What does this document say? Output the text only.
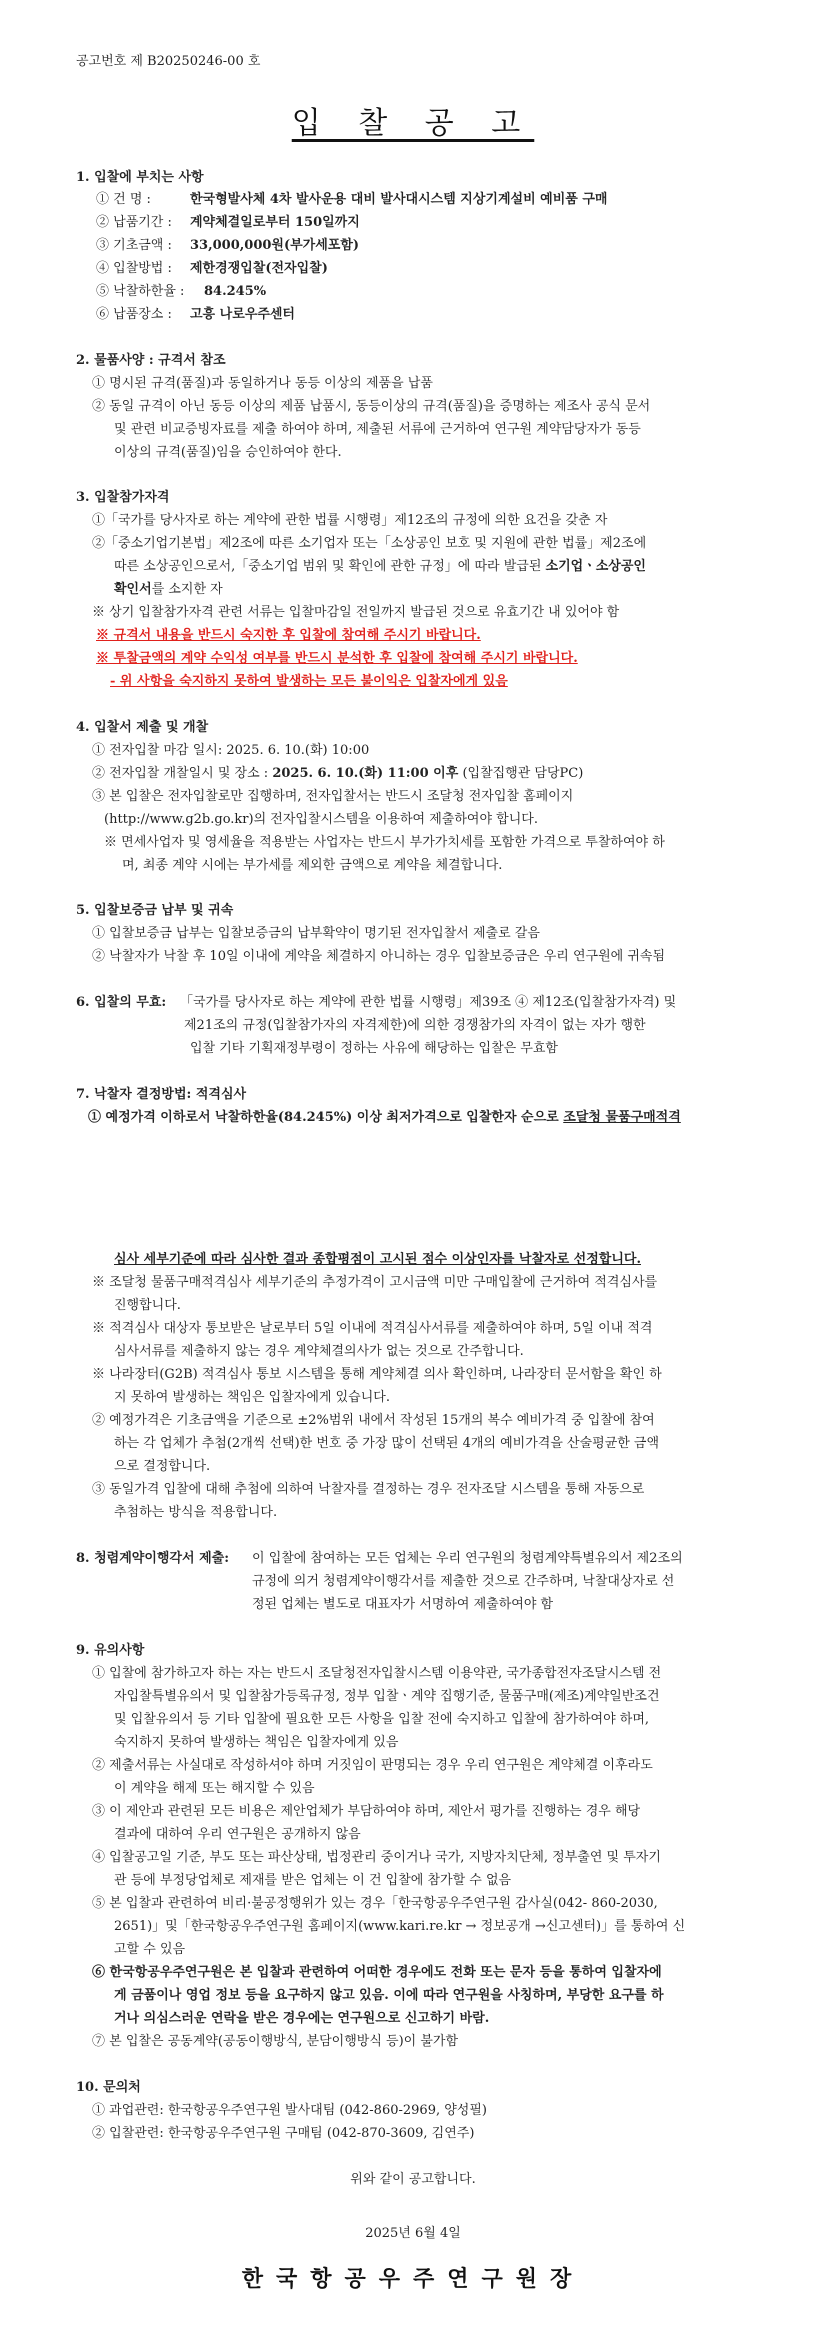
공고번호 제 B20250246-00 호
입 찰 공 고
1. 입찰에 부치는 사항
① 건 명 :	한국형발사체 4차 발사운용 대비 발사대시스템 지상기계설비 예비품 구매
② 납품기간 : 계약체결일로부터 150일까지
③ 기초금액 : 33,000,000원(부가세포함)
④ 입찰방법 : 제한경쟁입찰(전자입찰)
⑤ 낙찰하한율 : 84.245%
⑥ 납품장소 : 고흥 나로우주센터
2. 물품사양 : 규격서 참조
① 명시된 규격(품질)과 동일하거나 동등 이상의 제품을 납품
② 동일 규격이 아닌 동등 이상의 제품 납품시, 동등이상의 규격(품질)을 증명하는 제조사 공식 문서
및 관련 비교증빙자료를 제출 하여야 하며, 제출된 서류에 근거하여 연구원 계약담당자가 동등
이상의 규격(품질)임을 승인하여야 한다.
3. 입찰참가자격
①「국가를 당사자로 하는 계약에 관한 법률 시행령」제12조의 규정에 의한 요건을 갖춘 자
②「중소기업기본법」제2조에 따른 소기업자 또는「소상공인 보호 및 지원에 관한 법률」제2조에
따른 소상공인으로서,「중소기업 범위 및 확인에 관한 규정」에 따라 발급된 소기업ㆍ소상공인
확인서를 소지한 자
※ 상기 입찰참가자격 관련 서류는 입찰마감일 전일까지 발급된 것으로 유효기간 내 있어야 함
※ 규격서 내용을 반드시 숙지한 후 입찰에 참여해 주시기 바랍니다.
※ 투찰금액의 계약 수익성 여부를 반드시 분석한 후 입찰에 참여해 주시기 바랍니다.
- 위 사항을 숙지하지 못하여 발생하는 모든 불이익은 입찰자에게 있음
4. 입찰서 제출 및 개찰
① 전자입찰 마감 일시: 2025. 6. 10.(화) 10:00
② 전자입찰 개찰일시 및 장소 : 2025. 6. 10.(화) 11:00 이후 (입찰집행관 담당PC)
③ 본 입찰은 전자입찰로만 집행하며, 전자입찰서는 반드시 조달청 전자입찰 홈페이지
(http://www.g2b.go.kr)의 전자입찰시스템을 이용하여 제출하여야 합니다.
※ 면세사업자 및 영세율을 적용받는 사업자는 반드시 부가가치세를 포함한 가격으로 투찰하여야 하
며, 최종 계약 시에는 부가세를 제외한 금액으로 계약을 체결합니다.
5. 입찰보증금 납부 및 귀속
① 입찰보증금 납부는 입찰보증금의 납부확약이 명기된 전자입찰서 제출로 갈음
② 낙찰자가 낙찰 후 10일 이내에 계약을 체결하지 아니하는 경우 입찰보증금은 우리 연구원에 귀속됨
6. 입찰의 무효: 「국가를 당사자로 하는 계약에 관한 법률 시행령」제39조 ④ 제12조(입찰참가자격) 및
제21조의 규정(입찰참가자의 자격제한)에 의한 경쟁참가의 자격이 없는 자가 행한
입찰 기타 기획재정부령이 정하는 사유에 해당하는 입찰은 무효함
7. 낙찰자 결정방법: 적격심사
① 예정가격 이하로서 낙찰하한율(84.245%) 이상 최저가격으로 입찰한자 순으로 조달청 물품구매적격
심사 세부기준에 따라 심사한 결과 종합평점이 고시된 점수 이상인자를 낙찰자로 선정합니다.
※ 조달청 물품구매적격심사 세부기준의 추정가격이 고시금액 미만 구매입찰에 근거하여 적격심사를
진행합니다.
※ 적격심사 대상자 통보받은 날로부터 5일 이내에 적격심사서류를 제출하여야 하며, 5일 이내 적격
심사서류를 제출하지 않는 경우 계약체결의사가 없는 것으로 간주합니다.
※ 나라장터(G2B) 적격심사 통보 시스템을 통해 계약체결 의사 확인하며, 나라장터 문서함을 확인 하
지 못하여 발생하는 책임은 입찰자에게 있습니다.
② 예정가격은 기초금액을 기준으로 ±2%범위 내에서 작성된 15개의 복수 예비가격 중 입찰에 참여
하는 각 업체가 추첨(2개씩 선택)한 번호 중 가장 많이 선택된 4개의 예비가격을 산술평균한 금액
으로 결정합니다.
③ 동일가격 입찰에 대해 추첨에 의하여 낙찰자를 결정하는 경우 전자조달 시스템을 통해 자동으로
추첨하는 방식을 적용합니다.
8. 청렴계약이행각서 제출: 이 입찰에 참여하는 모든 업체는 우리 연구원의 청렴계약특별유의서 제2조의
규정에 의거 청렴계약이행각서를 제출한 것으로 간주하며, 낙찰대상자로 선
정된 업체는 별도로 대표자가 서명하여 제출하여야 함
9. 유의사항
① 입찰에 참가하고자 하는 자는 반드시 조달청전자입찰시스템 이용약관, 국가종합전자조달시스템 전
자입찰특별유의서 및 입찰참가등록규정, 정부 입찰ㆍ계약 집행기준, 물품구매(제조)계약일반조건
및 입찰유의서 등 기타 입찰에 필요한 모든 사항을 입찰 전에 숙지하고 입찰에 참가하여야 하며,
숙지하지 못하여 발생하는 책임은 입찰자에게 있음
② 제출서류는 사실대로 작성하셔야 하며 거짓임이 판명되는 경우 우리 연구원은 계약체결 이후라도
이 계약을 해제 또는 해지할 수 있음
③ 이 제안과 관련된 모든 비용은 제안업체가 부담하여야 하며, 제안서 평가를 진행하는 경우 해당
결과에 대하여 우리 연구원은 공개하지 않음
④ 입찰공고일 기준, 부도 또는 파산상태, 법정관리 중이거나 국가, 지방자치단체, 정부출연 및 투자기
관 등에 부정당업체로 제재를 받은 업체는 이 건 입찰에 참가할 수 없음
⑤ 본 입찰과 관련하여 비리·불공정행위가 있는 경우「한국항공우주연구원 감사실(042- 860-2030,
2651)」및「한국항공우주연구원 홈페이지(www.kari.re.kr → 정보공개 →신고센터)」를 통하여 신
고할 수 있음
⑥ 한국항공우주연구원은 본 입찰과 관련하여 어떠한 경우에도 전화 또는 문자 등을 통하여 입찰자에
게 금품이나 영업 정보 등을 요구하지 않고 있음. 이에 따라 연구원을 사칭하며, 부당한 요구를 하
거나 의심스러운 연락을 받은 경우에는 연구원으로 신고하기 바람.
⑦ 본 입찰은 공동계약(공동이행방식, 분담이행방식 등)이 불가함
10. 문의처
① 과업관련: 한국항공우주연구원 발사대팀 (042-860-2969, 양성필)
② 입찰관련: 한국항공우주연구원 구매팀 (042-870-3609, 김연주)
위와 같이 공고합니다.
2025년 6월 4일
한국항공우주연구원장
